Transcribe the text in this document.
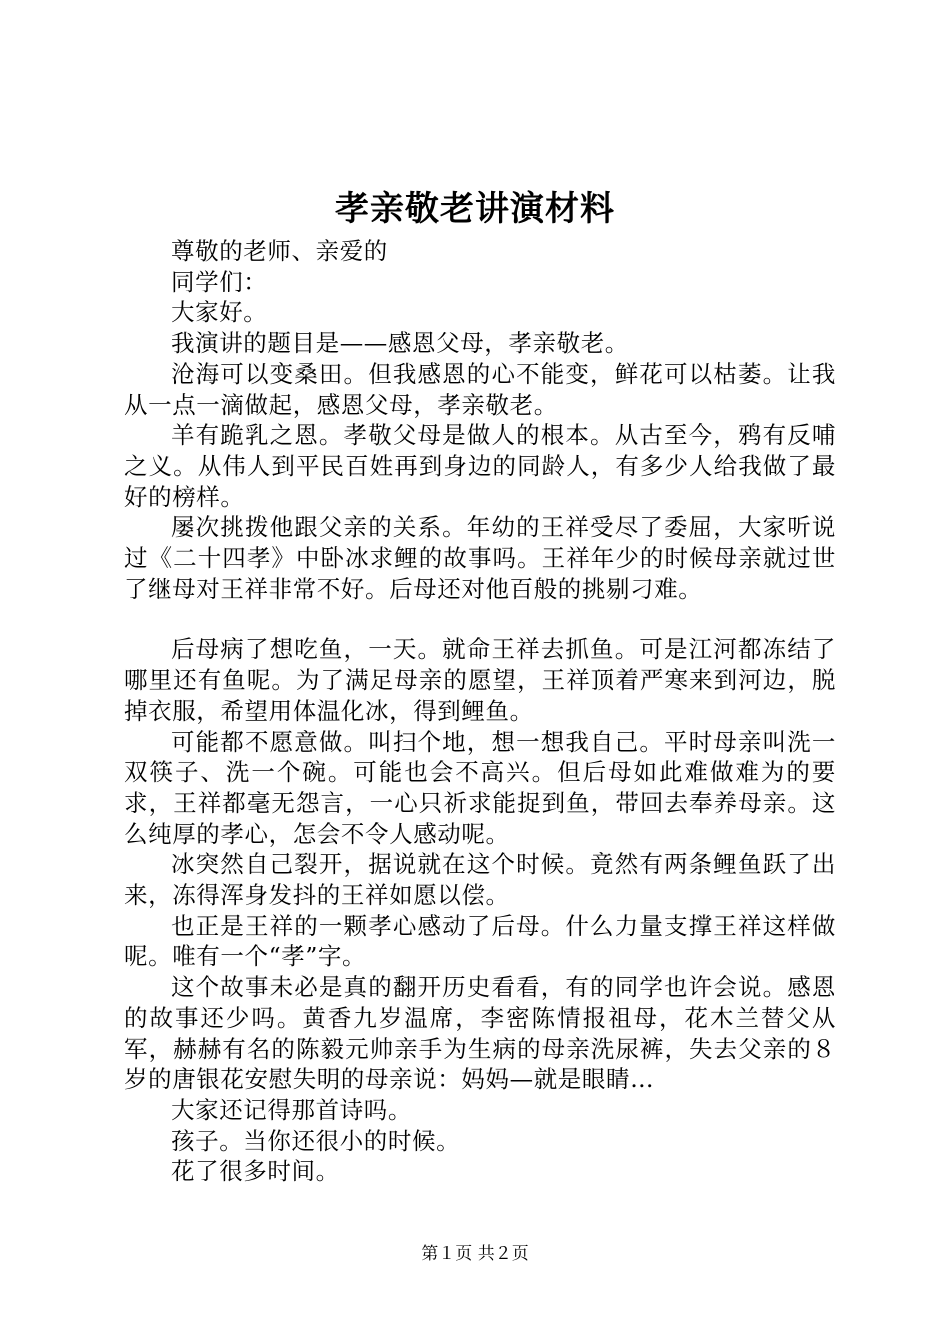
孝亲敬老讲演材料

尊敬的老师、亲爱的

同学们：

大家好。

我演讲的题目是——感恩父母，孝亲敬老。

沧海可以变桑田。但我感恩的心不能变，鲜花可以枯萎。让我从一点一滴做起，感恩父母，孝亲敬老。

羊有跪乳之恩。孝敬父母是做人的根本。从古至今，鸦有反哺之义。从伟人到平民百姓再到身边的同龄人，有多少人给我做了最好的榜样。

屡次挑拨他跟父亲的关系。年幼的王祥受尽了委屈，大家听说过《二十四孝》中卧冰求鲤的故事吗。王祥年少的时候母亲就过世了继母对王祥非常不好。后母还对他百般的挑剔刁难。

后母病了想吃鱼，一天。就命王祥去抓鱼。可是江河都冻结了哪里还有鱼呢。为了满足母亲的愿望，王祥顶着严寒来到河边，脱掉衣服，希望用体温化冰，得到鲤鱼。

可能都不愿意做。叫扫个地，想一想我自己。平时母亲叫洗一双筷子、洗一个碗。可能也会不高兴。但后母如此难做难为的要求，王祥都毫无怨言，一心只祈求能捉到鱼，带回去奉养母亲。这么纯厚的孝心，怎会不令人感动呢。

冰突然自己裂开，据说就在这个时候。竟然有两条鲤鱼跃了出来，冻得浑身发抖的王祥如愿以偿。

也正是王祥的一颗孝心感动了后母。什么力量支撑王祥这样做呢。唯有一个“孝”字。

这个故事未必是真的翻开历史看看，有的同学也许会说。感恩的故事还少吗。黄香九岁温席，李密陈情报祖母，花木兰替父从军，赫赫有名的陈毅元帅亲手为生病的母亲洗尿裤，失去父亲的８岁的唐银花安慰失明的母亲说：妈妈—就是眼睛…

大家还记得那首诗吗。

孩子。当你还很小的时候。

花了很多时间。

第１页 共２页
